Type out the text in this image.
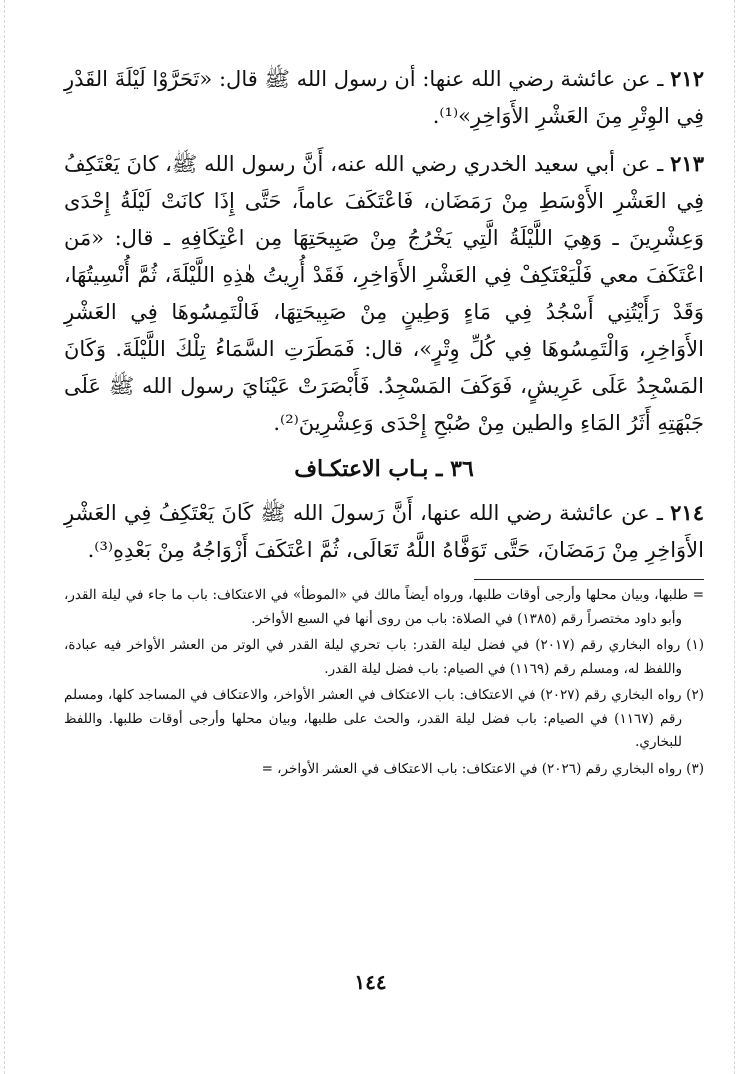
٢١٢ ـ عن عائشة رضي الله عنها: أن رسول الله ﷺ قال: «تَحَرَّوْا لَيْلَةَ القَدْرِ فِي الوِتْرِ مِنَ العَشْرِ الأَوَاخِرِ»⁽¹⁾.

٢١٣ ـ عن أبي سعيد الخدري رضي الله عنه، أَنَّ رسول الله ﷺ، كانَ يَعْتَكِفُ فِي العَشْرِ الأَوْسَطِ مِنْ رَمَضَان، فَاعْتَكَفَ عاماً، حَتَّى إِذَا كانَتْ لَيْلَةُ إِحْدَى وَعِشْرِينَ ـ وَهِيَ اللَّيْلَةُ الَّتِي يَخْرُجُ مِنْ صَبِيحَتِهَا مِن اعْتِكَافِهِ ـ قال: «مَن اعْتَكَفَ معي فَلْيَعْتَكِفْ فِي العَشْرِ الأَوَاخِرِ، فَقَدْ أُرِيتُ هٰذِهِ اللَّيْلَةَ، ثُمَّ أُنْسِيتُهَا، وَقَدْ رَأَيْتُنِي أَسْجُدُ فِي مَاءٍ وَطِينٍ مِنْ صَبِيحَتِهَا، فَالْتَمِسُوهَا فِي العَشْرِ الأَوَاخِرِ، وَالْتَمِسُوهَا فِي كُلِّ وِتْرٍ»، قال: فَمَطَرَتِ السَّمَاءُ تِلْكَ اللَّيْلَةَ. وَكَانَ المَسْجِدُ عَلَى عَرِيشٍ، فَوَكَفَ المَسْجِدُ. فَأَبْصَرَتْ عَيْنَايَ رسول الله ﷺ عَلَى جَبْهَتِهِ أَثَرُ المَاءِ والطين مِنْ صُبْحِ إِحْدَى وَعِشْرِينَ⁽²⁾.

٣٦ ـ بـاب الاعتكـاف

٢١٤ ـ عن عائشة رضي الله عنها، أَنَّ رَسولَ الله ﷺ كَانَ يَعْتَكِفُ فِي العَشْرِ الأَوَاخِرِ مِنْ رَمَضَانَ، حَتَّى تَوَفَّاهُ اللَّهُ تَعَالَى، ثُمَّ اعْتَكَفَ أَزْوَاجُهُ مِنْ بَعْدِهِ⁽³⁾.

= طلبها، وبيان محلها وأرجى أوقات طلبها، ورواه أيضاً مالك في «الموطأ» في الاعتكاف: باب ما جاء في ليلة القدر، وأبو داود مختصراً رقم (١٣٨٥) في الصلاة: باب من روى أنها في السبع الأواخر.

(١) رواه البخاري رقم (٢٠١٧) في فضل ليلة القدر: باب تحري ليلة القدر في الوتر من العشر الأواخر فيه عبادة، واللفظ له، ومسلم رقم (١١٦٩) في الصيام: باب فضل ليلة القدر.

(٢) رواه البخاري رقم (٢٠٢٧) في الاعتكاف: باب الاعتكاف في العشر الأواخر، والاعتكاف في المساجد كلها، ومسلم رقم (١١٦٧) في الصيام: باب فضل ليلة القدر، والحث على طلبها، وبيان محلها وأرجى أوقات طلبها. واللفظ للبخاري.

(٣) رواه البخاري رقم (٢٠٢٦) في الاعتكاف: باب الاعتكاف في العشر الأواخر، =

١٤٤
